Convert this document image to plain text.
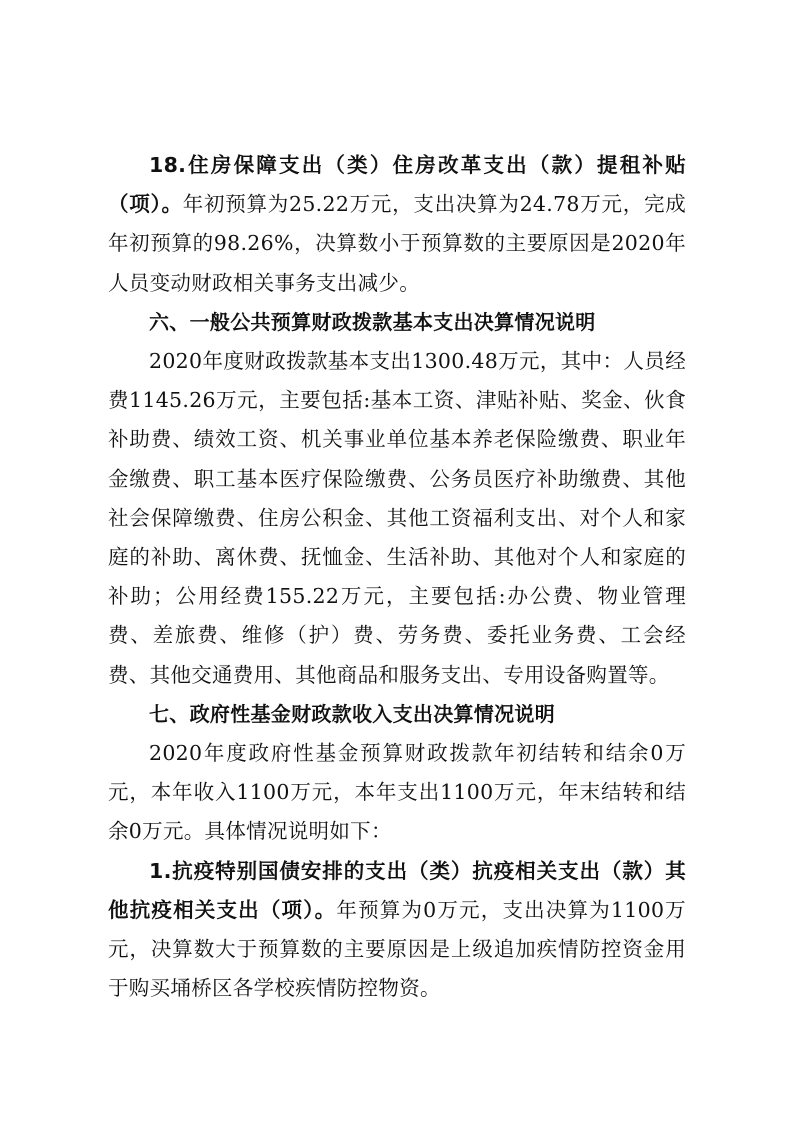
18.住房保障支出（类）住房改革支出（款）提租补贴（项）。年初预算为25.22万元，支出决算为24.78万元，完成年初预算的98.26%，决算数小于预算数的主要原因是2020年人员变动财政相关事务支出减少。

六、一般公共预算财政拨款基本支出决算情况说明

2020年度财政拨款基本支出1300.48万元，其中：人员经费1145.26万元，主要包括:基本工资、津贴补贴、奖金、伙食补助费、绩效工资、机关事业单位基本养老保险缴费、职业年金缴费、职工基本医疗保险缴费、公务员医疗补助缴费、其他社会保障缴费、住房公积金、其他工资福利支出、对个人和家庭的补助、离休费、抚恤金、生活补助、其他对个人和家庭的补助；公用经费155.22万元，主要包括:办公费、物业管理费、差旅费、维修（护）费、劳务费、委托业务费、工会经费、其他交通费用、其他商品和服务支出、专用设备购置等。

七、政府性基金财政款收入支出决算情况说明

2020年度政府性基金预算财政拨款年初结转和结余0万元，本年收入1100万元，本年支出1100万元，年末结转和结余0万元。具体情况说明如下：

1.抗疫特别国债安排的支出（类）抗疫相关支出（款）其他抗疫相关支出（项）。年预算为0万元，支出决算为1100万元，决算数大于预算数的主要原因是上级追加疾情防控资金用于购买埇桥区各学校疾情防控物资。
